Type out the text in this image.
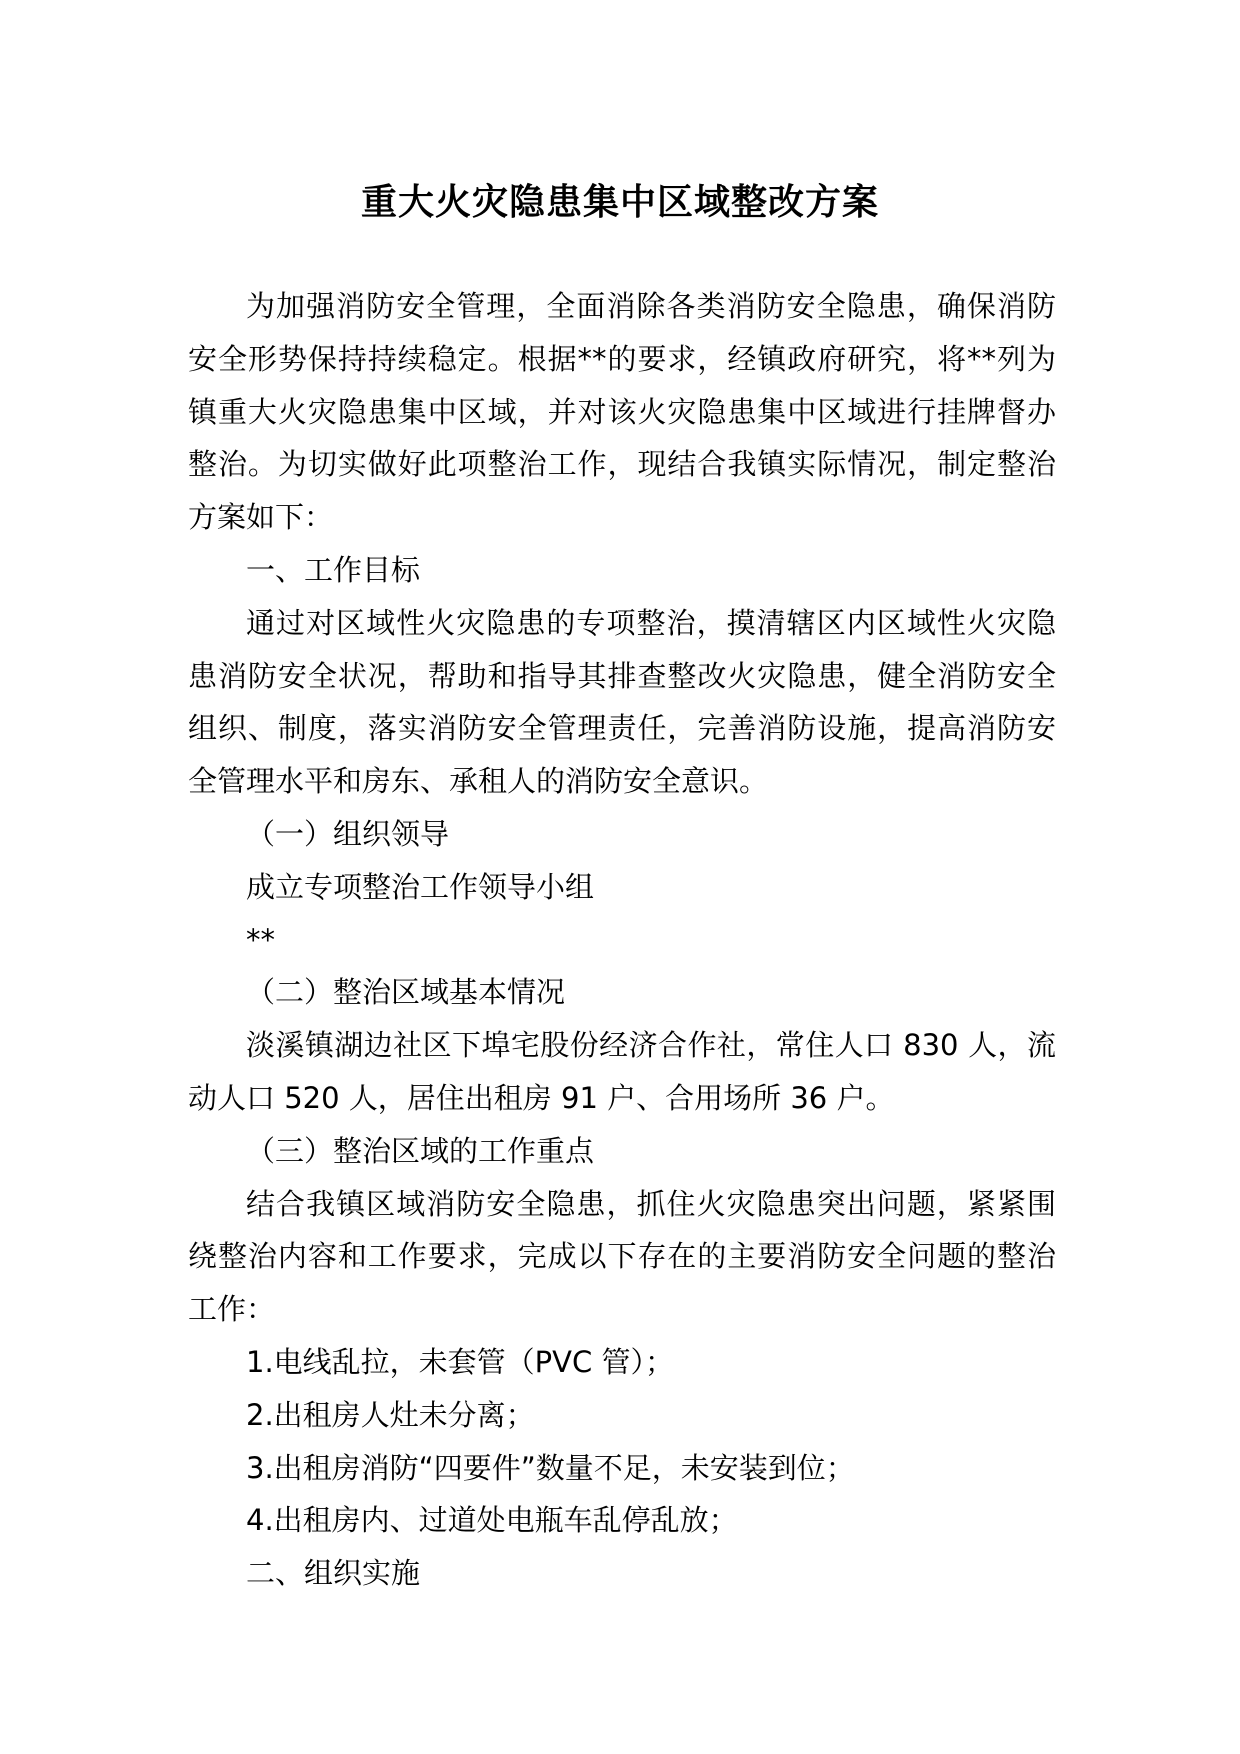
重大火灾隐患集中区域整改方案

为加强消防安全管理，全面消除各类消防安全隐患，确保消防安全形势保持持续稳定。根据**的要求，经镇政府研究，将**列为镇重大火灾隐患集中区域，并对该火灾隐患集中区域进行挂牌督办整治。为切实做好此项整治工作，现结合我镇实际情况，制定整治方案如下：

一、工作目标

通过对区域性火灾隐患的专项整治，摸清辖区内区域性火灾隐患消防安全状况，帮助和指导其排查整改火灾隐患，健全消防安全组织、制度，落实消防安全管理责任，完善消防设施，提高消防安全管理水平和房东、承租人的消防安全意识。

（一）组织领导

成立专项整治工作领导小组

**

（二）整治区域基本情况

淡溪镇湖边社区下埠宅股份经济合作社，常住人口 830 人，流动人口 520 人，居住出租房 91 户、合用场所 36 户。

（三）整治区域的工作重点

结合我镇区域消防安全隐患，抓住火灾隐患突出问题，紧紧围绕整治内容和工作要求，完成以下存在的主要消防安全问题的整治工作：

1.电线乱拉，未套管（PVC 管）；

2.出租房人灶未分离；

3.出租房消防“四要件”数量不足，未安装到位；

4.出租房内、过道处电瓶车乱停乱放；

二、组织实施
